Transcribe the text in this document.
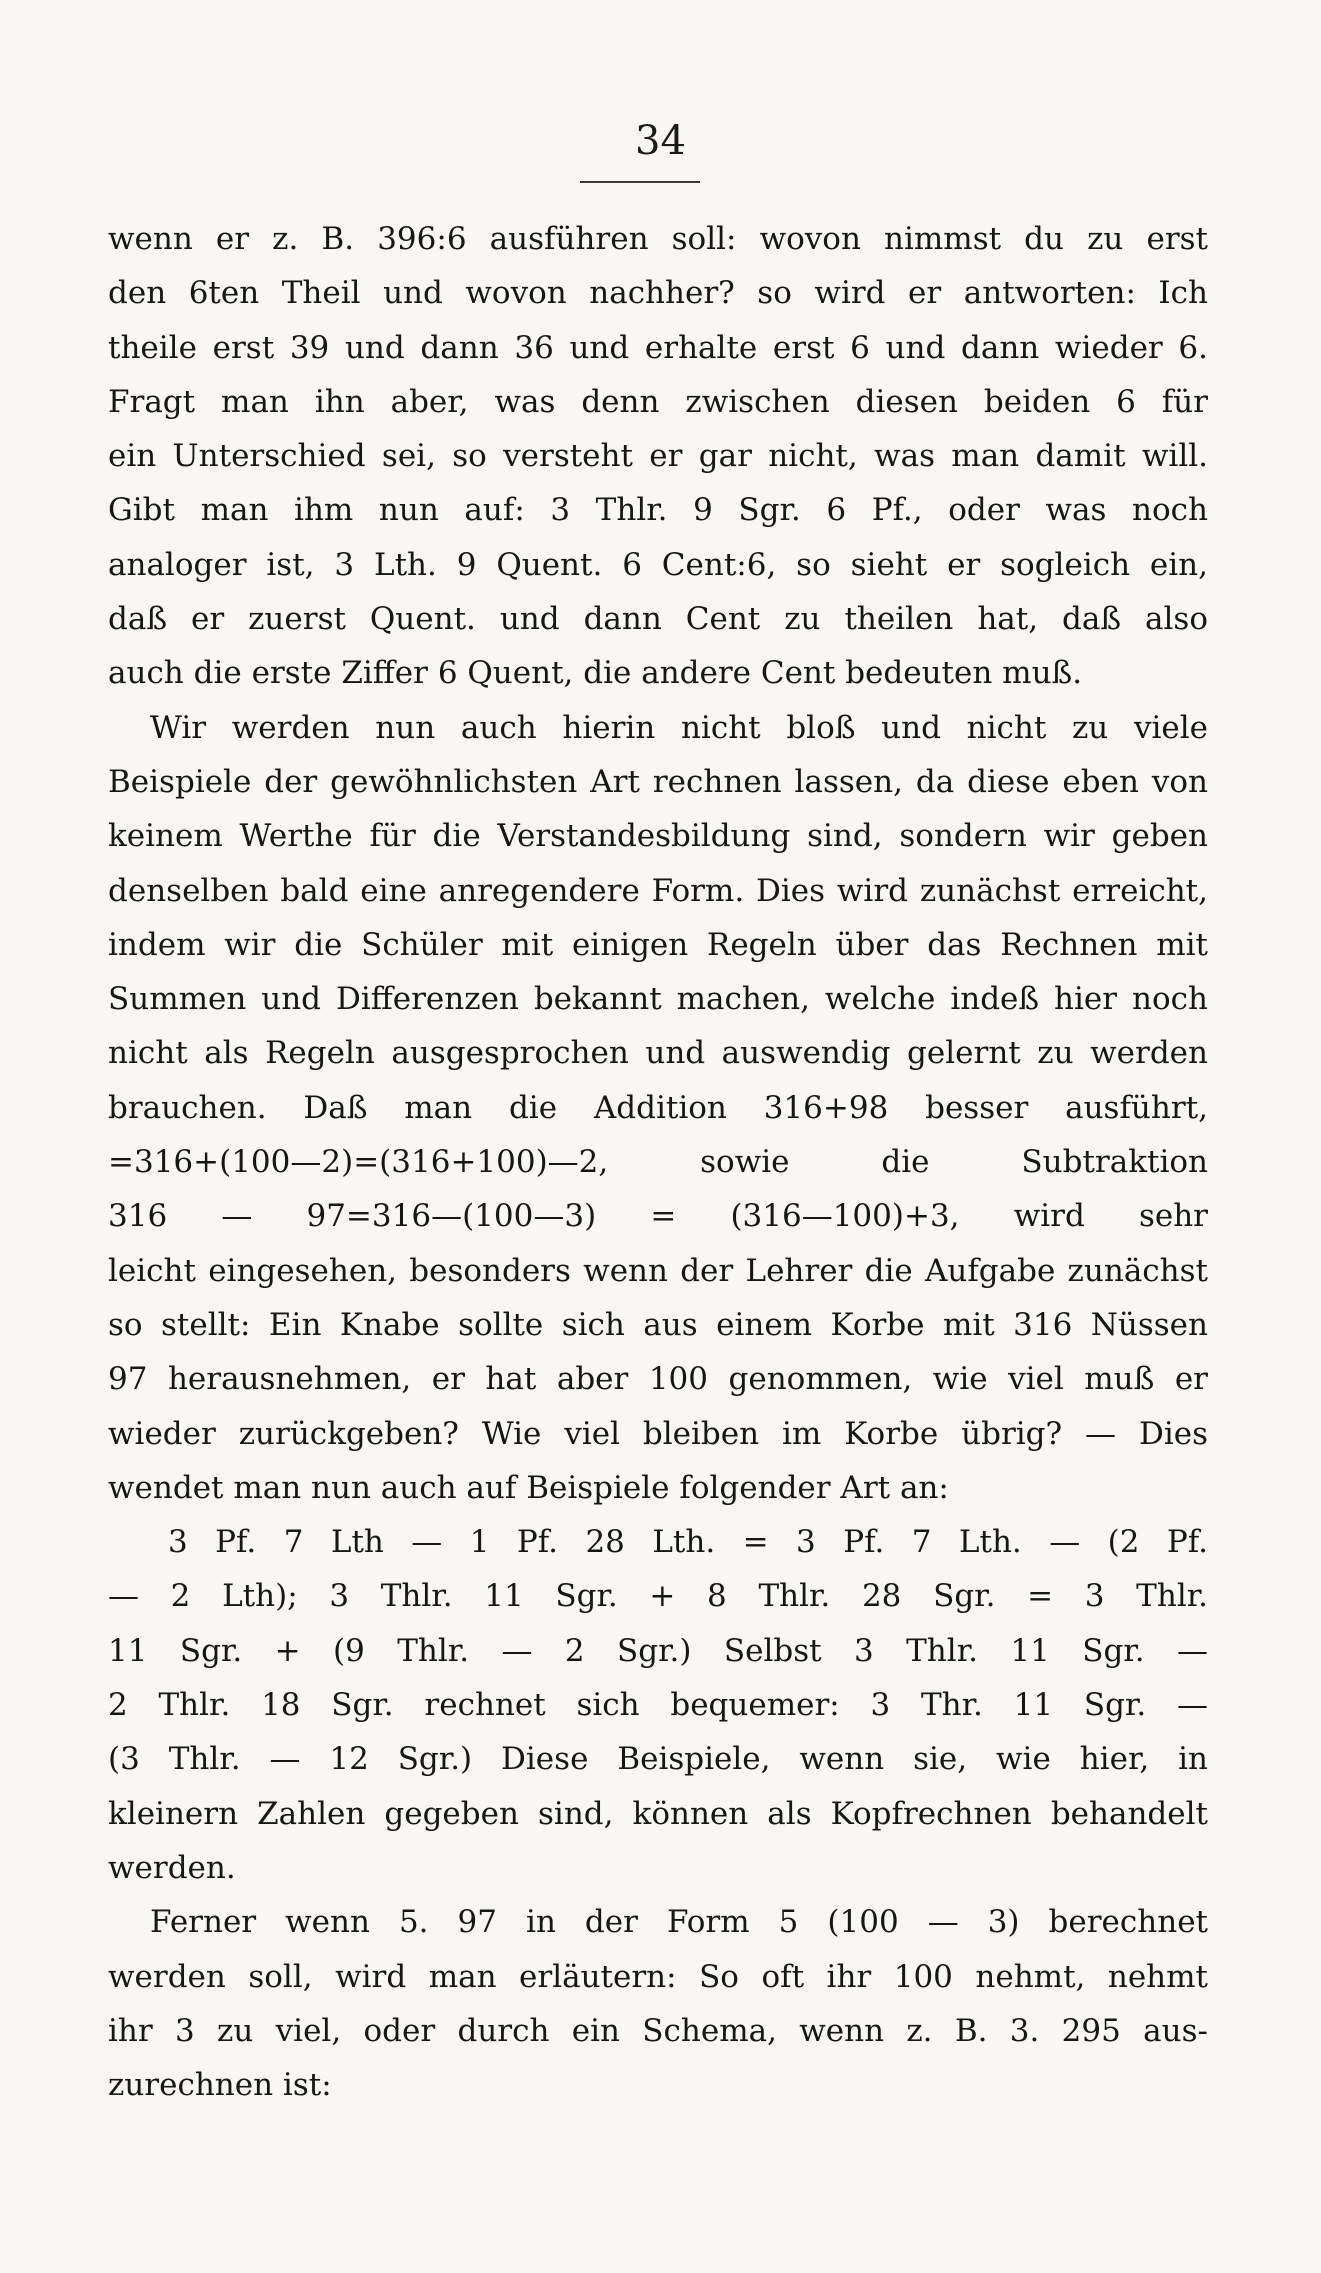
34
wenn er z. B. 396:6 ausführen soll: wovon nimmst du zu erst
den 6ten Theil und wovon nachher? so wird er antworten: Ich
theile erst 39 und dann 36 und erhalte erst 6 und dann wieder 6.
Fragt man ihn aber, was denn zwischen diesen beiden 6 für
ein Unterschied sei, so versteht er gar nicht, was man damit will.
Gibt man ihm nun auf: 3 Thlr. 9 Sgr. 6 Pf., oder was noch
analoger ist, 3 Lth. 9 Quent. 6 Cent:6, so sieht er sogleich ein,
daß er zuerst Quent. und dann Cent zu theilen hat, daß also
auch die erste Ziffer 6 Quent, die andere Cent bedeuten muß.
Wir werden nun auch hierin nicht bloß und nicht zu viele
Beispiele der gewöhnlichsten Art rechnen lassen, da diese eben von
keinem Werthe für die Verstandesbildung sind, sondern wir geben
denselben bald eine anregendere Form. Dies wird zunächst erreicht,
indem wir die Schüler mit einigen Regeln über das Rechnen mit
Summen und Differenzen bekannt machen, welche indeß hier noch
nicht als Regeln ausgesprochen und auswendig gelernt zu werden
brauchen. Daß man die Addition 316+98 besser ausführt,
=316+(100—2)=(316+100)—2, sowie die Subtraktion
316 — 97=316—(100—3) = (316—100)+3, wird sehr
leicht eingesehen, besonders wenn der Lehrer die Aufgabe zunächst
so stellt: Ein Knabe sollte sich aus einem Korbe mit 316 Nüssen
97 herausnehmen, er hat aber 100 genommen, wie viel muß er
wieder zurückgeben? Wie viel bleiben im Korbe übrig? — Dies
wendet man nun auch auf Beispiele folgender Art an:
3 Pf. 7 Lth — 1 Pf. 28 Lth. = 3 Pf. 7 Lth. — (2 Pf.
— 2 Lth); 3 Thlr. 11 Sgr. + 8 Thlr. 28 Sgr. = 3 Thlr.
11 Sgr. + (9 Thlr. — 2 Sgr.) Selbst 3 Thlr. 11 Sgr. —
2 Thlr. 18 Sgr. rechnet sich bequemer: 3 Thr. 11 Sgr. —
(3 Thlr. — 12 Sgr.) Diese Beispiele, wenn sie, wie hier, in
kleinern Zahlen gegeben sind, können als Kopfrechnen behandelt
werden.
Ferner wenn 5. 97 in der Form 5 (100 — 3) berechnet
werden soll, wird man erläutern: So oft ihr 100 nehmt, nehmt
ihr 3 zu viel, oder durch ein Schema, wenn z. B. 3. 295 aus-
zurechnen ist:
